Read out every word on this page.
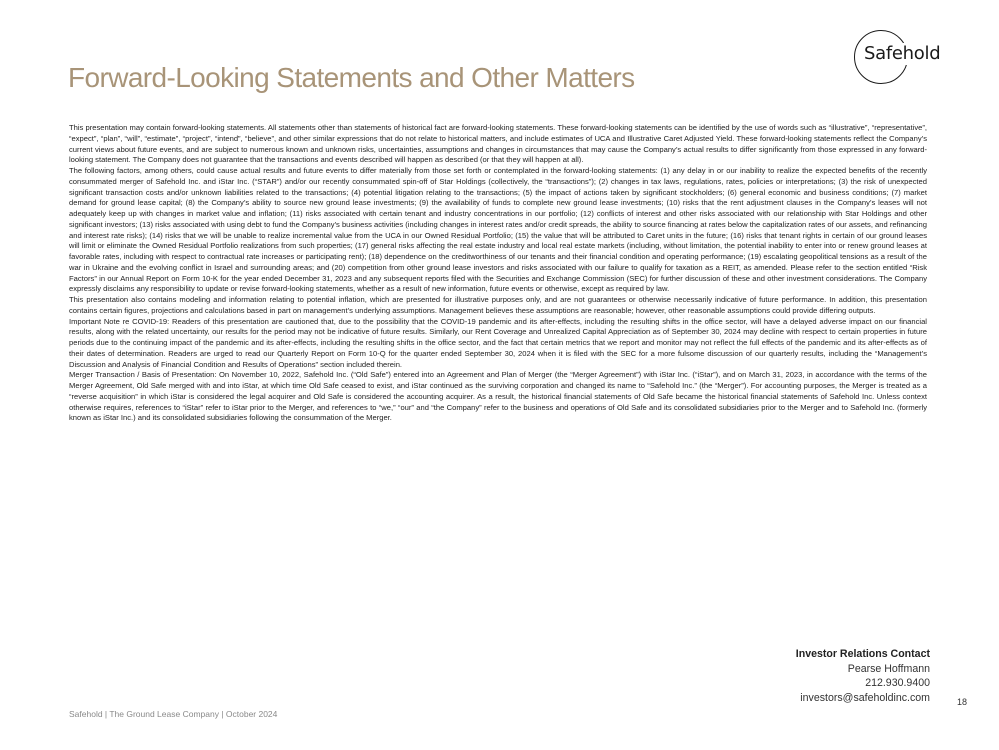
Safehold
Forward-Looking Statements and Other Matters

This presentation may contain forward-looking statements. All statements other than statements of historical fact are forward-looking statements. These forward-looking statements can be identified by the use of words such as “illustrative”, “representative”, “expect”, “plan”, “will”, “estimate”, “project”, “intend”, “believe”, and other similar expressions that do not relate to historical matters, and include estimates of UCA and Illustrative Caret Adjusted Yield. These forward-looking statements reflect the Company’s current views about future events, and are subject to numerous known and unknown risks, uncertainties, assumptions and changes in circumstances that may cause the Company’s actual results to differ significantly from those expressed in any forward-looking statement. The Company does not guarantee that the transactions and events described will happen as described (or that they will happen at all).

The following factors, among others, could cause actual results and future events to differ materially from those set forth or contemplated in the forward-looking statements: (1) any delay in or our inability to realize the expected benefits of the recently consummated merger of Safehold Inc. and iStar Inc. (“STAR”) and/or our recently consummated spin-off of Star Holdings (collectively, the “transactions”); (2) changes in tax laws, regulations, rates, policies or interpretations; (3) the risk of unexpected significant transaction costs and/or unknown liabilities related to the transactions; (4) potential litigation relating to the transactions; (5) the impact of actions taken by significant stockholders; (6) general economic and business conditions; (7) market demand for ground lease capital; (8) the Company’s ability to source new ground lease investments; (9) the availability of funds to complete new ground lease investments; (10) risks that the rent adjustment clauses in the Company’s leases will not adequately keep up with changes in market value and inflation; (11) risks associated with certain tenant and industry concentrations in our portfolio; (12) conflicts of interest and other risks associated with our relationship with Star Holdings and other significant investors; (13) risks associated with using debt to fund the Company’s business activities (including changes in interest rates and/or credit spreads, the ability to source financing at rates below the capitalization rates of our assets, and refinancing and interest rate risks); (14) risks that we will be unable to realize incremental value from the UCA in our Owned Residual Portfolio; (15) the value that will be attributed to Caret units in the future; (16) risks that tenant rights in certain of our ground leases will limit or eliminate the Owned Residual Portfolio realizations from such properties; (17) general risks affecting the real estate industry and local real estate markets (including, without limitation, the potential inability to enter into or renew ground leases at favorable rates, including with respect to contractual rate increases or participating rent); (18) dependence on the creditworthiness of our tenants and their financial condition and operating performance; (19) escalating geopolitical tensions as a result of the war in Ukraine and the evolving conflict in Israel and surrounding areas; and (20) competition from other ground lease investors and risks associated with our failure to qualify for taxation as a REIT, as amended. Please refer to the section entitled “Risk Factors” in our Annual Report on Form 10-K for the year ended December 31, 2023 and any subsequent reports filed with the Securities and Exchange Commission (SEC) for further discussion of these and other investment considerations. The Company expressly disclaims any responsibility to update or revise forward-looking statements, whether as a result of new information, future events or otherwise, except as required by law.

This presentation also contains modeling and information relating to potential inflation, which are presented for illustrative purposes only, and are not guarantees or otherwise necessarily indicative of future performance. In addition, this presentation contains certain figures, projections and calculations based in part on management’s underlying assumptions. Management believes these assumptions are reasonable; however, other reasonable assumptions could provide differing outputs.

Important Note re COVID-19: Readers of this presentation are cautioned that, due to the possibility that the COVID-19 pandemic and its after-effects, including the resulting shifts in the office sector, will have a delayed adverse impact on our financial results, along with the related uncertainty, our results for the period may not be indicative of future results. Similarly, our Rent Coverage and Unrealized Capital Appreciation as of September 30, 2024 may decline with respect to certain properties in future periods due to the continuing impact of the pandemic and its after-effects, including the resulting shifts in the office sector, and the fact that certain metrics that we report and monitor may not reflect the full effects of the pandemic and its after-effects as of their dates of determination. Readers are urged to read our Quarterly Report on Form 10-Q for the quarter ended September 30, 2024 when it is filed with the SEC for a more fulsome discussion of our quarterly results, including the “Management’s Discussion and Analysis of Financial Condition and Results of Operations” section included therein.

Merger Transaction / Basis of Presentation: On November 10, 2022, Safehold Inc. (“Old Safe”) entered into an Agreement and Plan of Merger (the “Merger Agreement”) with iStar Inc. (“iStar”), and on March 31, 2023, in accordance with the terms of the Merger Agreement, Old Safe merged with and into iStar, at which time Old Safe ceased to exist, and iStar continued as the surviving corporation and changed its name to “Safehold Inc.” (the “Merger”). For accounting purposes, the Merger is treated as a “reverse acquisition” in which iStar is considered the legal acquirer and Old Safe is considered the accounting acquirer. As a result, the historical financial statements of Old Safe became the historical financial statements of Safehold Inc. Unless context otherwise requires, references to “iStar” refer to iStar prior to the Merger, and references to “we,” “our” and “the Company” refer to the business and operations of Old Safe and its consolidated subsidiaries prior to the Merger and to Safehold Inc. (formerly known as iStar Inc.) and its consolidated subsidiaries following the consummation of the Merger.

Investor Relations Contact
Pearse Hoffmann
212.930.9400
investors@safeholdinc.com	18
Safehold | The Ground Lease Company | October 2024
